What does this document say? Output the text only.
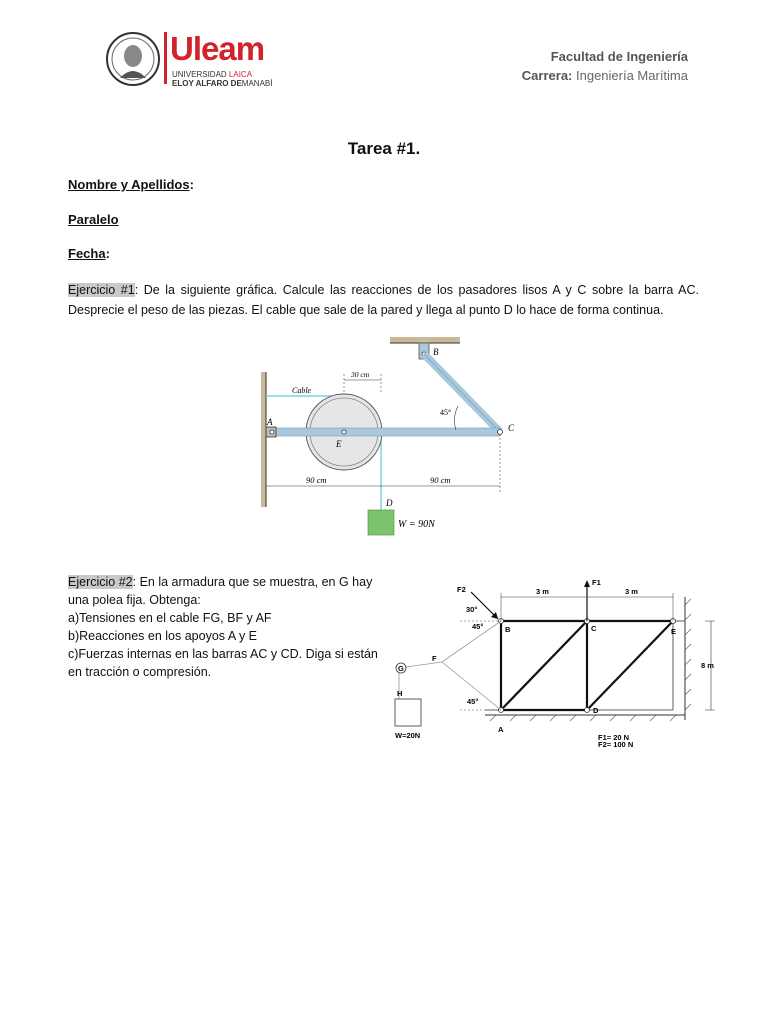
Uleam
UNIVERSIDAD LAICA
ELOY ALFARO DEMANABÍ
Facultad de Ingeniería
Carrera: Ingeniería Marítima
Tarea #1.
Nombre y Apellidos:
Paralelo
Fecha:
Ejercicio #1: De la siguiente gráfica. Calcule las reacciones de los pasadores lisos A y C sobre la barra AC. Desprecie el peso de las piezas. El cable que sale de la pared y llega al punto D lo hace de forma continua.
B
Cable
A
E
C
45°
30 cm
90 cm	90 cm
D
W = 90N
Ejercicio #2: En la armadura que se muestra, en G hay
una polea fija. Obtenga:
a)Tensiones en el cable FG, BF y AF
b)Reacciones en los apoyos A y E
c)Fuerzas internas en las barras AC y CD. Diga si están
en tracción o compresión.
F2
F1
3 m	3 m
8 m
30°
45°
45°
B	C	E
G
F
H
A
D
W=20N	F1= 20 N
F2= 100 N
